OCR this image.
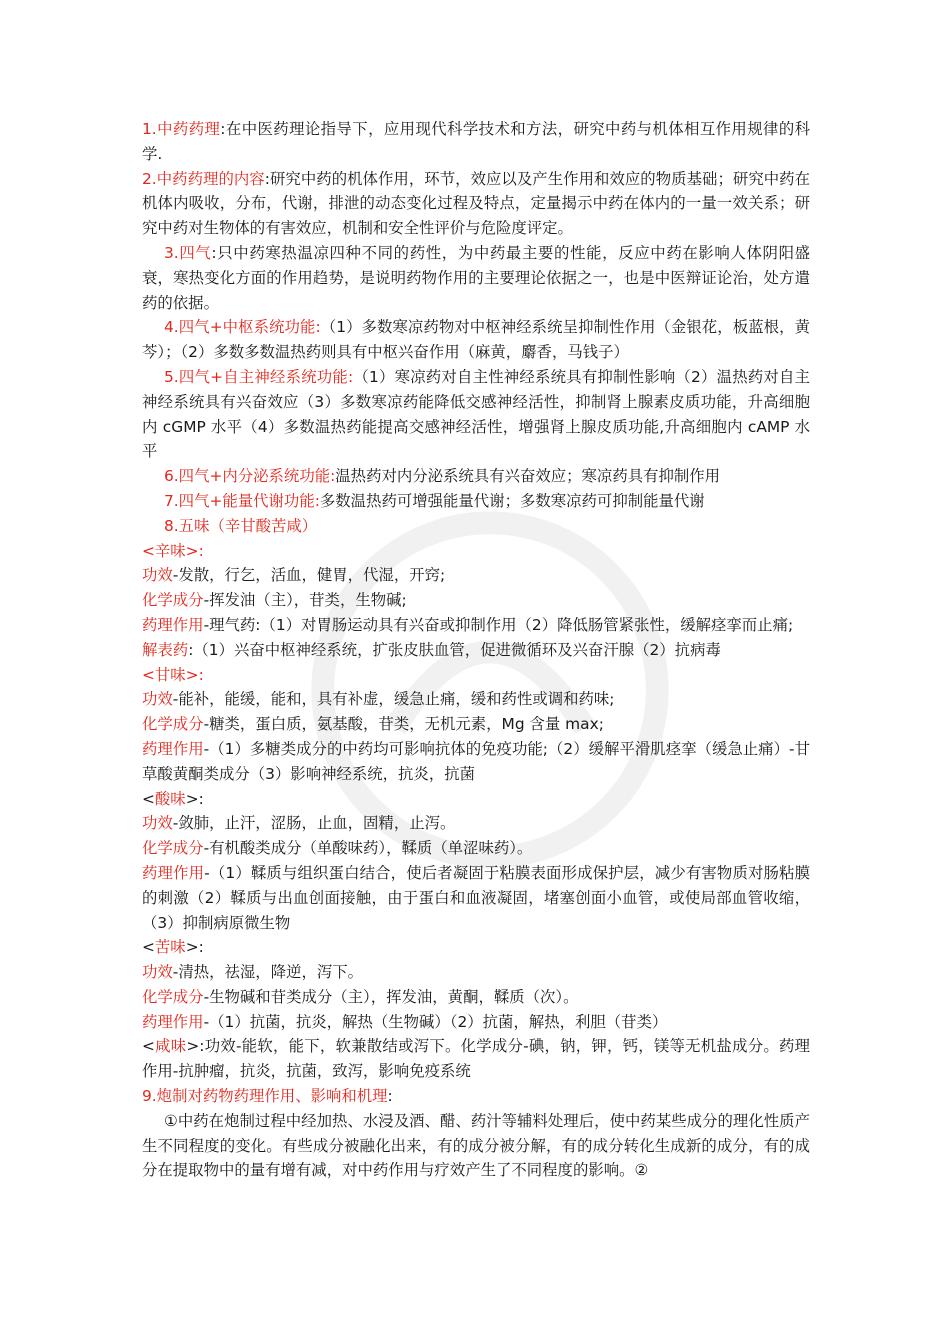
1.中药药理:在中医药理论指导下，应用现代科学技术和方法，研究中药与机体相互作用规律的科学.
2.中药药理的内容:研究中药的机体作用，环节，效应以及产生作用和效应的物质基础；研究中药在机体内吸收，分布，代谢，排泄的动态变化过程及特点，定量揭示中药在体内的一量一效关系；研究中药对生物体的有害效应，机制和安全性评价与危险度评定。
3.四气:只中药寒热温凉四种不同的药性，为中药最主要的性能，反应中药在影响人体阴阳盛衰，寒热变化方面的作用趋势，是说明药物作用的主要理论依据之一，也是中医辩证论治，处方遣药的依据。
4.四气+中枢系统功能:（1）多数寒凉药物对中枢神经系统呈抑制性作用（金银花，板蓝根，黄芩）；（2）多数多数温热药则具有中枢兴奋作用（麻黄，麝香，马钱子）
5.四气+自主神经系统功能:（1）寒凉药对自主性神经系统具有抑制性影响（2）温热药对自主神经系统具有兴奋效应（3）多数寒凉药能降低交感神经活性，抑制肾上腺素皮质功能，升高细胞内 cGMP 水平（4）多数温热药能提高交感神经活性，增强肾上腺皮质功能,升高细胞内 cAMP 水平
6.四气+内分泌系统功能:温热药对内分泌系统具有兴奋效应；寒凉药具有抑制作用
7.四气+能量代谢功能:多数温热药可增强能量代谢；多数寒凉药可抑制能量代谢
8.五味（辛甘酸苦咸）
<辛味>:
功效-发散，行乞，活血，健胃，代湿，开窍;
化学成分-挥发油（主），苷类，生物碱;
药理作用-理气药:（1）对胃肠运动具有兴奋或抑制作用（2）降低肠管紧张性，缓解痉挛而止痛;
解表药:（1）兴奋中枢神经系统，扩张皮肤血管，促进微循环及兴奋汗腺（2）抗病毒
<甘味>:
功效-能补，能缓，能和，具有补虚，缓急止痛，缓和药性或调和药味;
化学成分-糖类，蛋白质，氨基酸，苷类，无机元素，Mg 含量 max;
药理作用-（1）多糖类成分的中药均可影响抗体的免疫功能;（2）缓解平滑肌痉挛（缓急止痛）-甘草酸黄酮类成分（3）影响神经系统，抗炎，抗菌
<酸味>:
功效-敛肺，止汗，涩肠，止血，固精，止泻。
化学成分-有机酸类成分（单酸味药），鞣质（单涩味药）。
药理作用-（1）鞣质与组织蛋白结合，使后者凝固于粘膜表面形成保护层，减少有害物质对肠粘膜的刺激（2）鞣质与出血创面接触，由于蛋白和血液凝固，堵塞创面小血管，或使局部血管收缩，（3）抑制病原微生物
<苦味>:
功效-清热，祛湿，降逆，泻下。
化学成分-生物碱和苷类成分（主），挥发油，黄酮，鞣质（次）。
药理作用-（1）抗菌，抗炎，解热（生物碱）（2）抗菌，解热，利胆（苷类）
<咸味>:功效-能软，能下，软兼散结或泻下。化学成分-碘，钠，钾，钙，镁等无机盐成分。药理作用-抗肿瘤，抗炎，抗菌，致泻，影响免疫系统
9.炮制对药物药理作用、影响和机理:
①中药在炮制过程中经加热、水浸及酒、醋、药汁等辅料处理后，使中药某些成分的理化性质产生不同程度的变化。有些成分被融化出来，有的成分被分解，有的成分转化生成新的成分，有的成分在提取物中的量有增有减，对中药作用与疗效产生了不同程度的影响。②
